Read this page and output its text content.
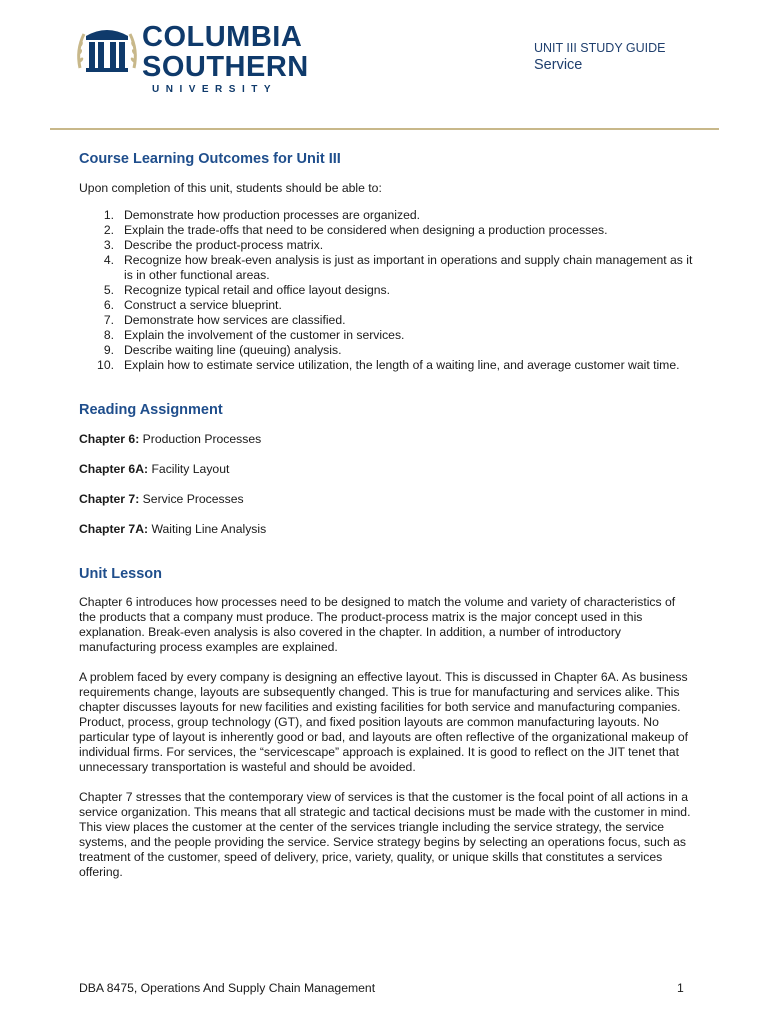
COLUMBIA
SOUTHERN
UNIVERSITY
UNIT III STUDY GUIDE
Service
Course Learning Outcomes for Unit III
Upon completion of this unit, students should be able to:
1. Demonstrate how production processes are organized.
2. Explain the trade-offs that need to be considered when designing a production processes.
3. Describe the product-process matrix.
4. Recognize how break-even analysis is just as important in operations and supply chain management as it is in other functional areas.
5. Recognize typical retail and office layout designs.
6. Construct a service blueprint.
7. Demonstrate how services are classified.
8. Explain the involvement of the customer in services.
9. Describe waiting line (queuing) analysis.
10. Explain how to estimate service utilization, the length of a waiting line, and average customer wait time.
Reading Assignment

Chapter 6: Production Processes

Chapter 6A: Facility Layout

Chapter 7: Service Processes

Chapter 7A: Waiting Line Analysis

Unit Lesson

Chapter 6 introduces how processes need to be designed to match the volume and variety of characteristics of the products that a company must produce. The product-process matrix is the major concept used in this explanation. Break-even analysis is also covered in the chapter. In addition, a number of introductory manufacturing process examples are explained.

A problem faced by every company is designing an effective layout. This is discussed in Chapter 6A. As business requirements change, layouts are subsequently changed. This is true for manufacturing and services alike. This chapter discusses layouts for new facilities and existing facilities for both service and manufacturing companies. Product, process, group technology (GT), and fixed position layouts are common manufacturing layouts. No particular type of layout is inherently good or bad, and layouts are often reflective of the organizational makeup of individual firms. For services, the “servicescape” approach is explained. It is good to reflect on the JIT tenet that unnecessary transportation is wasteful and should be avoided.

Chapter 7 stresses that the contemporary view of services is that the customer is the focal point of all actions in a service organization. This means that all strategic and tactical decisions must be made with the customer in mind. This view places the customer at the center of the services triangle including the service strategy, the service systems, and the people providing the service. Service strategy begins by selecting an operations focus, such as treatment of the customer, speed of delivery, price, variety, quality, or unique skills that constitutes a services offering.

DBA 8475, Operations And Supply Chain Management	1
